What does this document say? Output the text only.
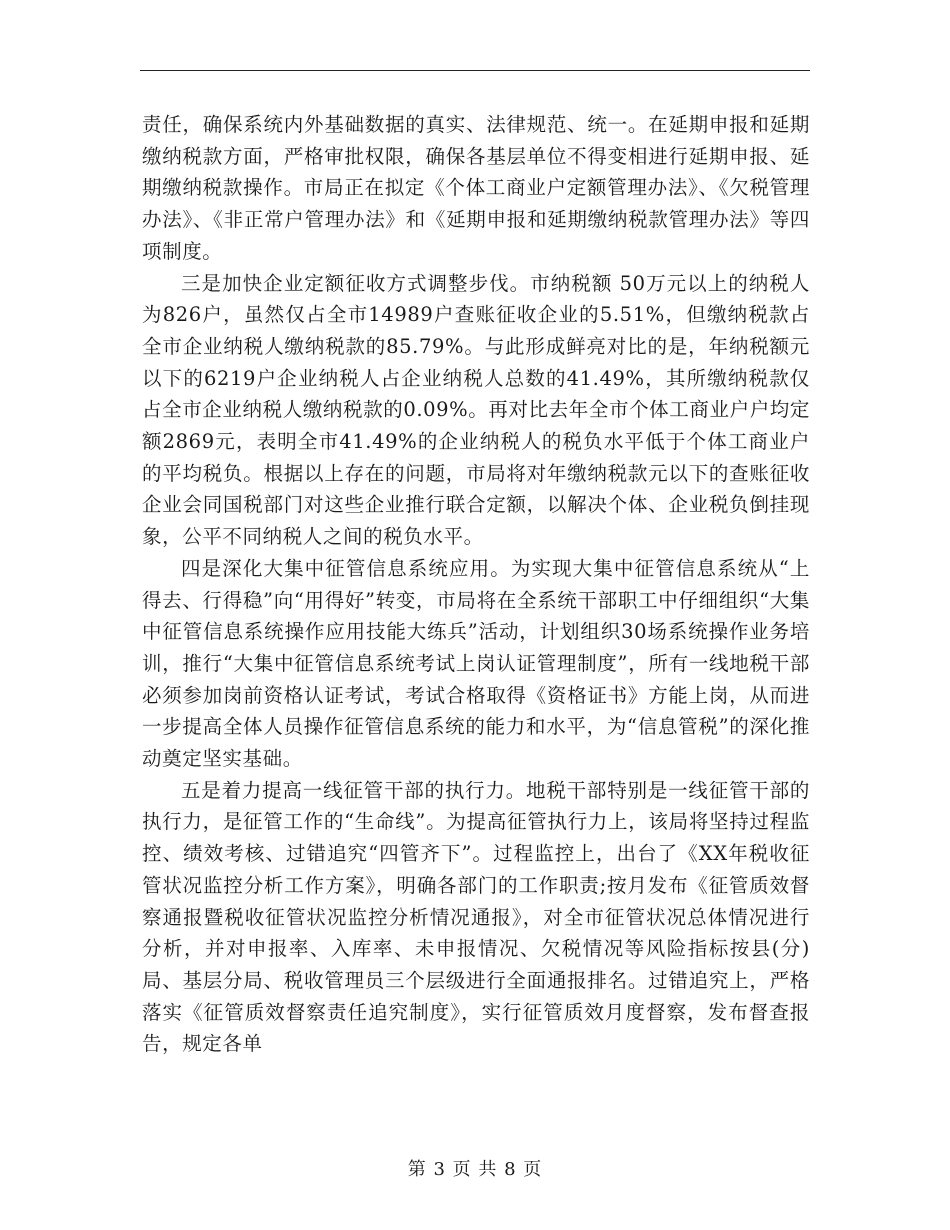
责任，确保系统内外基础数据的真实、法律规范、统一。在延期申报和延期缴纳税款方面，严格审批权限，确保各基层单位不得变相进行延期申报、延期缴纳税款操作。市局正在拟定《个体工商业户定额管理办法》、《欠税管理办法》、《非正常户管理办法》和《延期申报和延期缴纳税款管理办法》等四项制度。

三是加快企业定额征收方式调整步伐。市纳税额 50万元以上的纳税人为826户，虽然仅占全市14989户查账征收企业的5.51%，但缴纳税款占全市企业纳税人缴纳税款的85.79%。与此形成鲜亮对比的是，年纳税额元以下的6219户企业纳税人占企业纳税人总数的41.49%，其所缴纳税款仅占全市企业纳税人缴纳税款的0.09%。再对比去年全市个体工商业户户均定额2869元，表明全市41.49%的企业纳税人的税负水平低于个体工商业户的平均税负。根据以上存在的问题，市局将对年缴纳税款元以下的查账征收企业会同国税部门对这些企业推行联合定额，以解决个体、企业税负倒挂现象，公平不同纳税人之间的税负水平。

四是深化大集中征管信息系统应用。为实现大集中征管信息系统从“上得去、行得稳”向“用得好”转变，市局将在全系统干部职工中仔细组织“大集中征管信息系统操作应用技能大练兵”活动，计划组织30场系统操作业务培训，推行“大集中征管信息系统考试上岗认证管理制度”，所有一线地税干部必须参加岗前资格认证考试，考试合格取得《资格证书》方能上岗，从而进一步提高全体人员操作征管信息系统的能力和水平，为“信息管税”的深化推动奠定坚实基础。

五是着力提高一线征管干部的执行力。地税干部特别是一线征管干部的执行力，是征管工作的“生命线”。为提高征管执行力上，该局将坚持过程监控、绩效考核、过错追究“四管齐下”。过程监控上，出台了《XX年税收征管状况监控分析工作方案》，明确各部门的工作职责;按月发布《征管质效督察通报暨税收征管状况监控分析情况通报》，对全市征管状况总体情况进行分析，并对申报率、入库率、未申报情况、欠税情况等风险指标按县(分)局、基层分局、税收管理员三个层级进行全面通报排名。过错追究上，严格落实《征管质效督察责任追究制度》，实行征管质效月度督察，发布督查报告，规定各单

第 3 页 共 8 页
